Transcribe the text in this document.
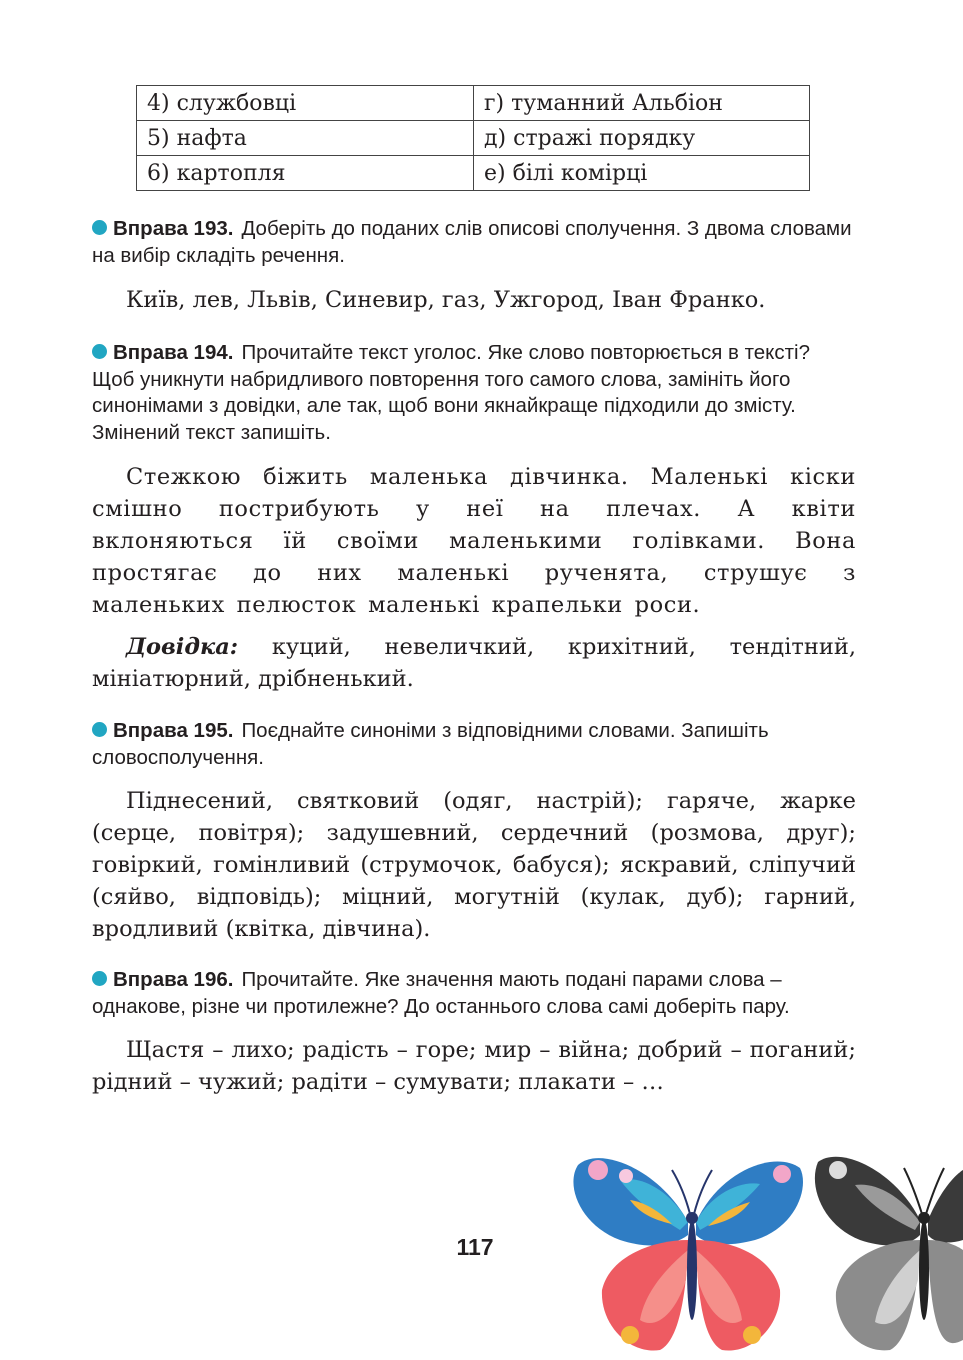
4) службовці	г) туманний Альбіон
5) нафта	д) стражі порядку
6) картопля	е) білі комірці
Вправа 193. Доберіть до поданих слів описові сполучення. З двома словами на вибір складіть речення.
Київ, лев, Львів, Синевир, газ, Ужгород, Іван Франко.
Вправа 194. Прочитайте текст уголос. Яке слово повторюється в тексті? Щоб уникнути набридливого повторення того самого слова, замініть його синонімами з довідки, але так, щоб вони якнайкраще підходили до змісту. Змінений текст запишіть.
Стежкою біжить маленька дівчинка. Маленькі кіски смішно пострибують у неї на плечах. А квіти вклоняються їй своїми маленькими голівками. Вона простягає до них маленькі рученята, струшує з маленьких пелюсток маленькі крапельки роси.
Довідка: куций, невеличкий, крихітний, тендітний, мініатюрний, дрібненький.
Вправа 195. Поєднайте синоніми з відповідними словами. Запишіть словосполучення.
Піднесений, святковий (одяг, настрій); гаряче, жарке (серце, повітря); задушевний, сердечний (розмова, друг); говіркий, гомінливий (струмочок, бабуся); яскравий, сліпучий (сяйво, відповідь); міцний, могутній (кулак, дуб); гарний, вродливий (квітка, дівчина).
Вправа 196. Прочитайте. Яке значення мають подані парами слова – однакове, різне чи протилежне? До останнього слова самі доберіть пару.
Щастя – лихо; радість – горе; мир – війна; добрий – поганий; рідний – чужий; радіти – сумувати; плакати – …
117
